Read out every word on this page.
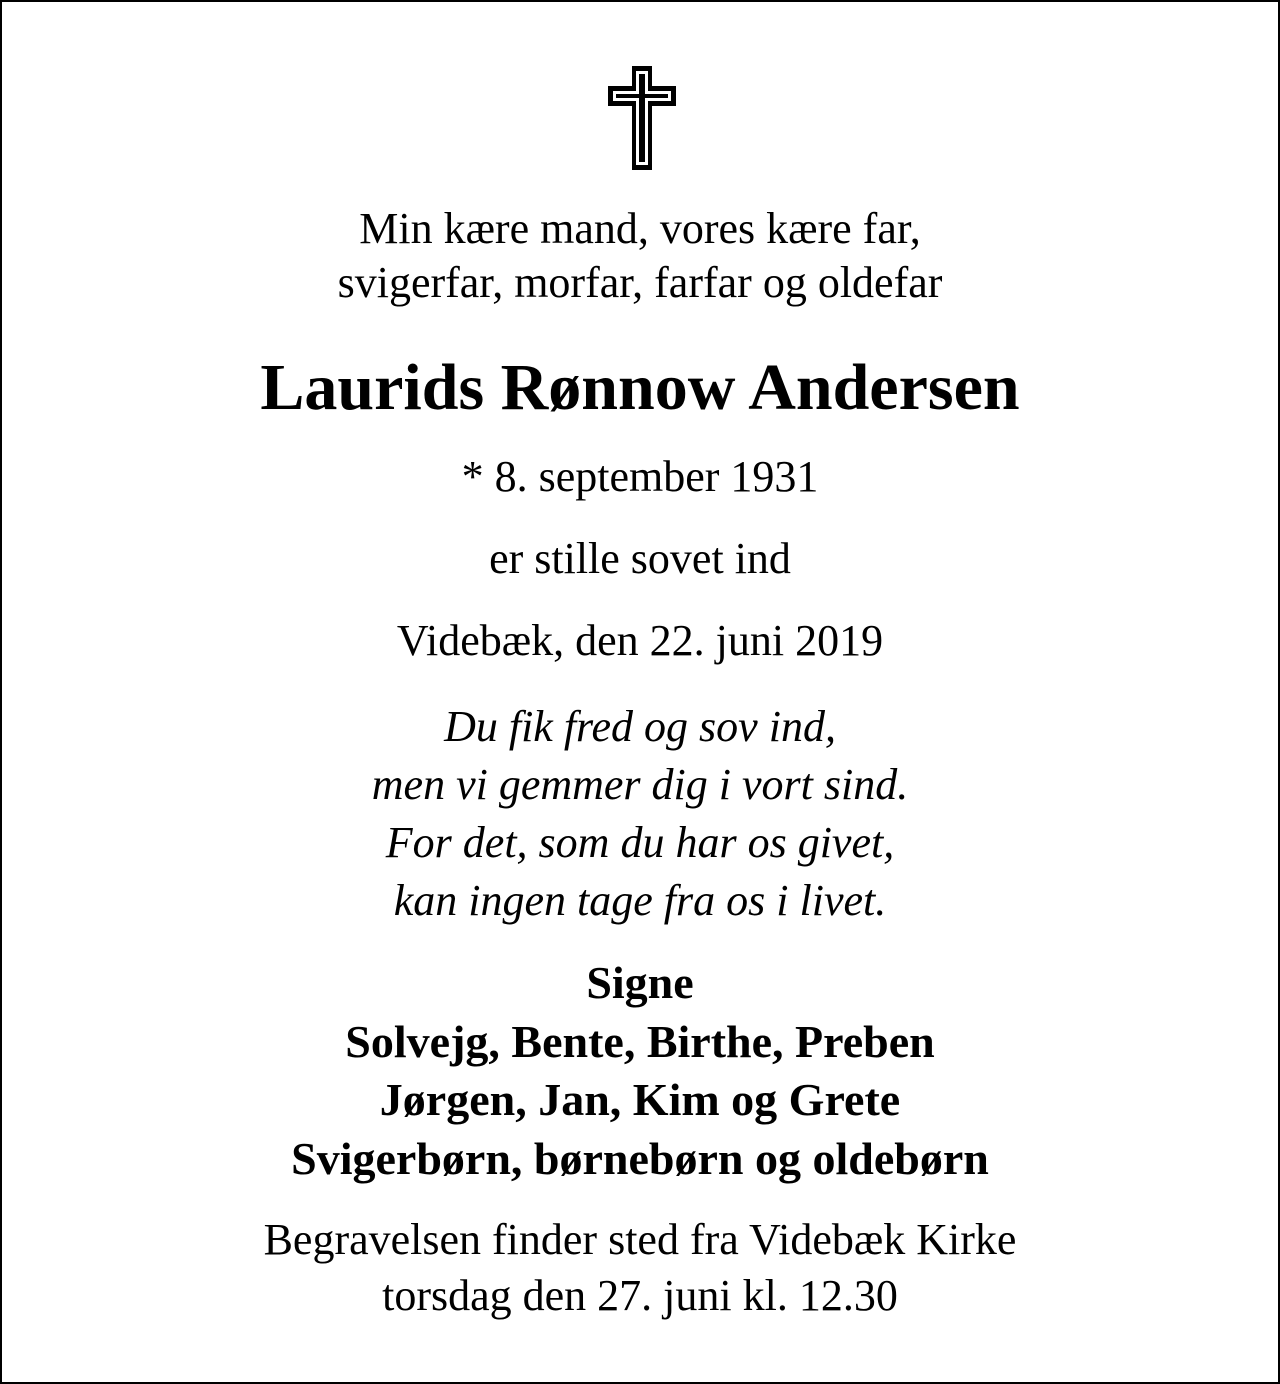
Min kære mand, vores kære far,
svigerfar, morfar, farfar og oldefar
Laurids Rønnow Andersen
* 8. september 1931
er stille sovet ind
Videbæk, den 22. juni 2019
Du fik fred og sov ind,
men vi gemmer dig i vort sind.
For det, som du har os givet,
kan ingen tage fra os i livet.
Signe
Solvejg, Bente, Birthe, Preben
Jørgen, Jan, Kim og Grete
Svigerbørn, børnebørn og oldebørn
Begravelsen finder sted fra Videbæk Kirke
torsdag den 27. juni kl. 12.30
